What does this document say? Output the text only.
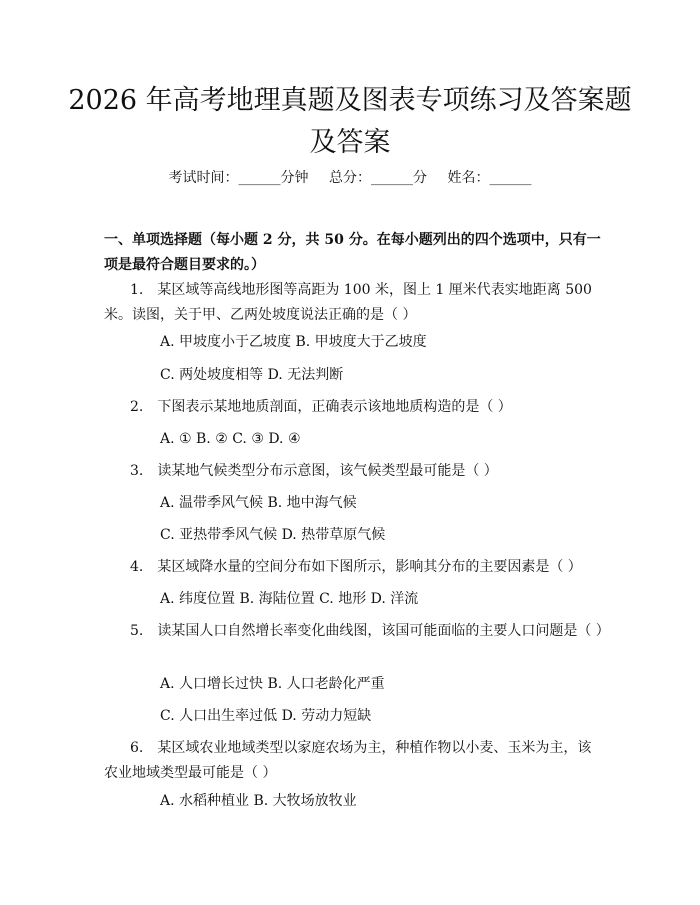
2026 年高考地理真题及图表专项练习及答案题及答案
考试时间：______分钟 总分：______分 姓名：______

一、单项选择题（每小题 2 分，共 50 分。在每小题列出的四个选项中，只有一项是最符合题目要求的。）

1.　某区域等高线地形图等高距为 100 米，图上 1 厘米代表实地距离 500 米。读图，关于甲、乙两处坡度说法正确的是（ ）

A. 甲坡度小于乙坡度 B. 甲坡度大于乙坡度

C. 两处坡度相等 D. 无法判断

2.　下图表示某地地质剖面，正确表示该地地质构造的是（ ）

A. ① B. ② C. ③ D. ④

3.　读某地气候类型分布示意图，该气候类型最可能是（ ）

A. 温带季风气候 B. 地中海气候

C. 亚热带季风气候 D. 热带草原气候

4.　某区域降水量的空间分布如下图所示，影响其分布的主要因素是（ ）

A. 纬度位置 B. 海陆位置 C. 地形 D. 洋流

5.　读某国人口自然增长率变化曲线图，该国可能面临的主要人口问题是（ ）

A. 人口增长过快 B. 人口老龄化严重

C. 人口出生率过低 D. 劳动力短缺

6.　某区域农业地域类型以家庭农场为主，种植作物以小麦、玉米为主，该农业地域类型最可能是（ ）

A. 水稻种植业 B. 大牧场放牧业
